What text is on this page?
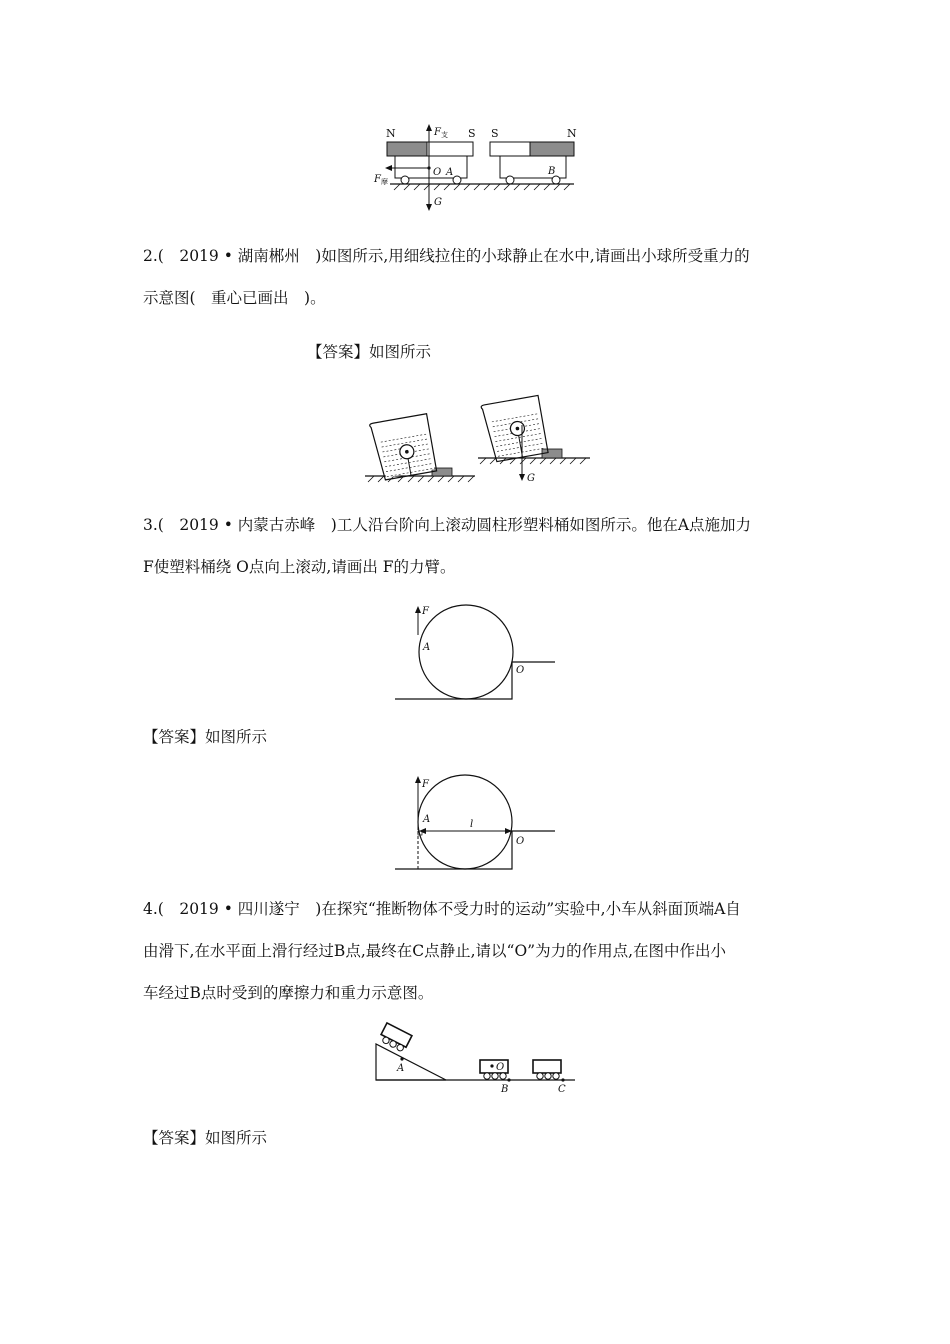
N	S S	N
$F_支$
$F_摩$
G
O A	B
2.(　2019 • 湖南郴州　)如图所示,用细线拉住的小球静止在水中,请画出小球所受重力的
示意图(　重心已画出　)。
【答案】如图所示
G
3.(　2019 • 内蒙古赤峰　)工人沿台阶向上滚动圆柱形塑料桶如图所示。他在A点施加力
F使塑料桶绕 O点向上滚动,请画出 F的力臂。
F
A
O
【答案】如图所示
F
A	l
O
4.(　2019 • 四川遂宁　)在探究“推断物体不受力时的运动”实验中,小车从斜面顶端A自
由滑下,在水平面上滑行经过B点,最终在C点静止,请以“O”为力的作用点,在图中作出小
车经过B点时受到的摩擦力和重力示意图。
A	O
B	C
【答案】如图所示
